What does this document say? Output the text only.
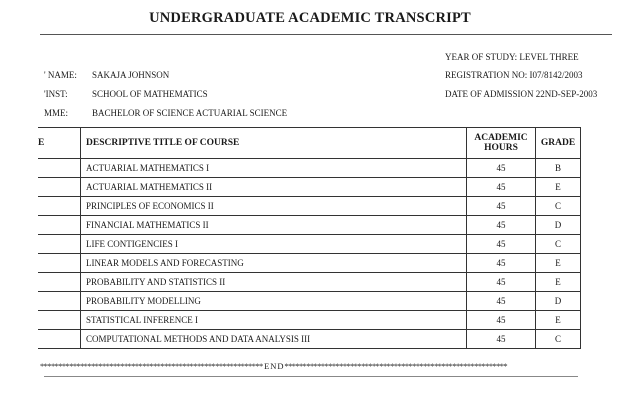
UNDERGRADUATE ACADEMIC TRANSCRIPT
YEAR OF STUDY: LEVEL THREE
REGISTRATION NO: I07/8142/2003
DATE OF ADMISSION 22ND-SEP-2003
' NAME: SAKAJA JOHNSON
'INST:	SCHOOL OF MATHEMATICS
MME:	BACHELOR OF SCIENCE ACTUARIAL SCIENCE
E	DESCRIPTIVE TITLE OF COURSE	ACADEMIC
HOURS	GRADE
	ACTUARIAL MATHEMATICS I	45	B
	ACTUARIAL MATHEMATICS II	45	E
	PRINCIPLES OF ECONOMICS II	45	C
	FINANCIAL MATHEMATICS II	45	D
	LIFE CONTIGENCIES I	45	C
	LINEAR MODELS AND FORECASTING	45	E
	PROBABILITY AND STATISTICS II	45	E
	PROBABILITY MODELLING	45	D
	STATISTICAL INFERENCE I	45	E
	COMPUTATIONAL METHODS AND DATA ANALYSIS III	45	C
************************************************************* E N D *************************************************************
